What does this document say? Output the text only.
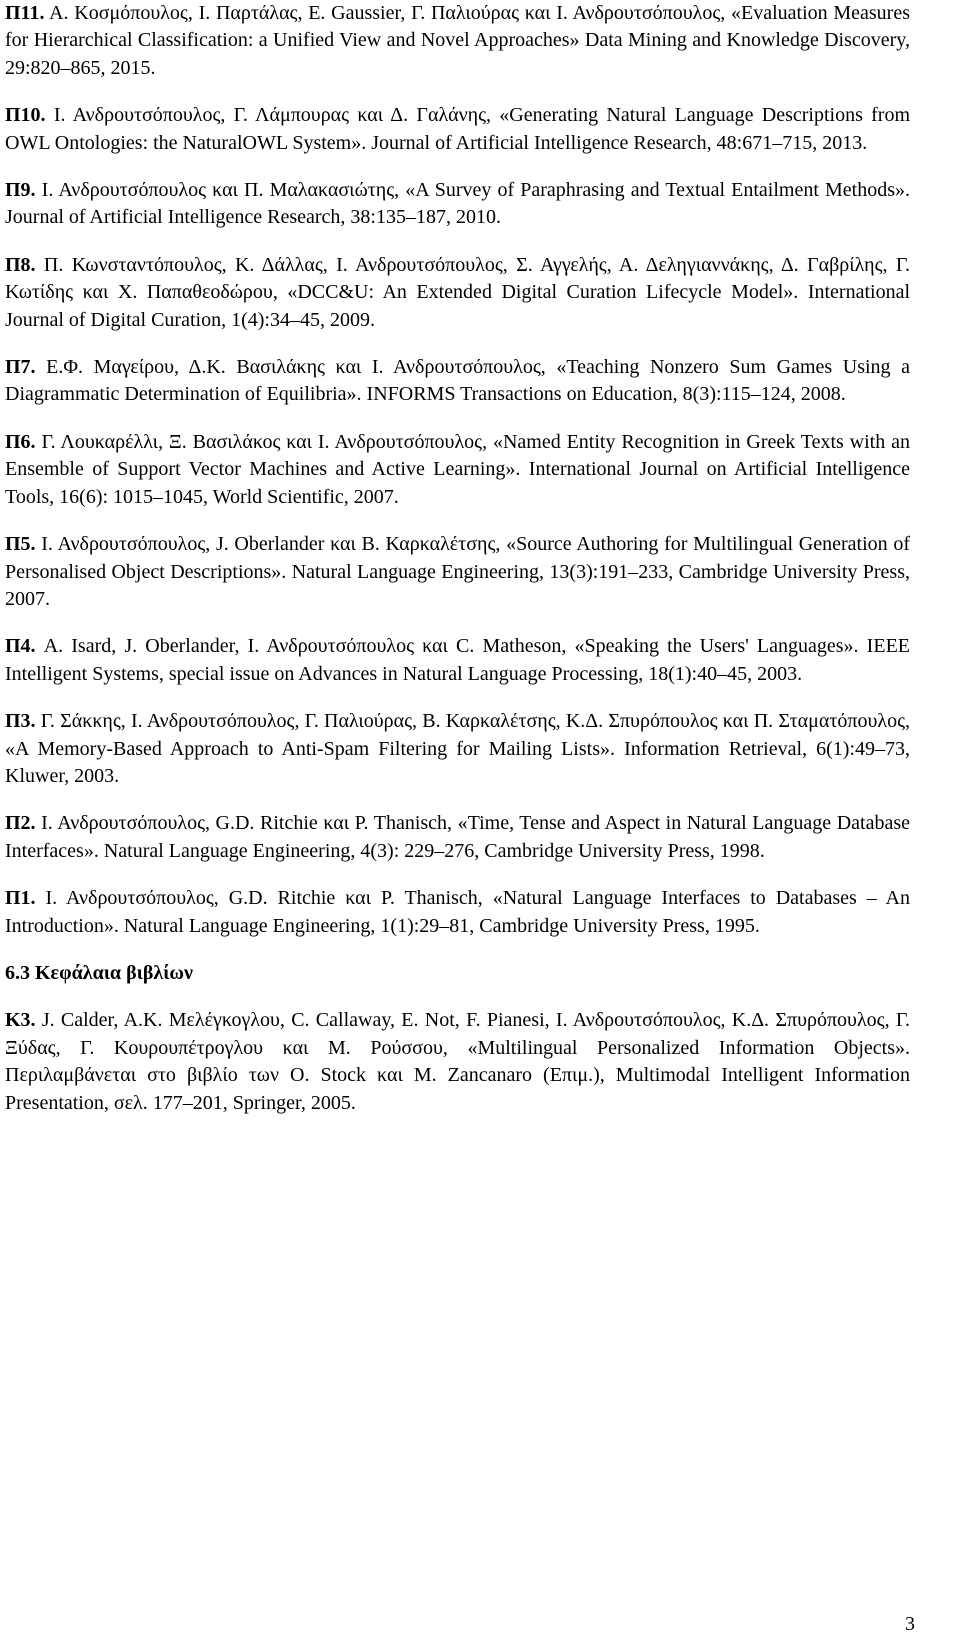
Π11. Α. Κοσμόπουλος, Ι. Παρτάλας, Ε. Gaussier, Γ. Παλιούρας και Ι. Ανδρουτσόπουλος, «Evaluation Measures for Hierarchical Classification: a Unified View and Novel Approaches» Data Mining and Knowledge Discovery, 29:820–865, 2015.

Π10. Ι. Ανδρουτσόπουλος, Γ. Λάμπουρας και Δ. Γαλάνης, «Generating Natural Language Descriptions from OWL Ontologies: the NaturalOWL System». Journal of Artificial Intelligence Research, 48:671–715, 2013.

Π9. Ι. Ανδρουτσόπουλος και Π. Μαλακασιώτης, «A Survey of Paraphrasing and Textual Entailment Methods». Journal of Artificial Intelligence Research, 38:135–187, 2010.

Π8. Π. Κωνσταντόπουλος, Κ. Δάλλας, Ι. Ανδρουτσόπουλος, Σ. Αγγελής, Α. Δεληγιαννάκης, Δ. Γαβρίλης, Γ. Κωτίδης και Χ. Παπαθεοδώρου, «DCC&U: An Extended Digital Curation Lifecycle Model». International Journal of Digital Curation, 1(4):34–45, 2009.

Π7. Ε.Φ. Μαγείρου, Δ.Κ. Βασιλάκης και Ι. Ανδρουτσόπουλος, «Teaching Nonzero Sum Games Using a Diagrammatic Determination of Equilibria». INFORMS Transactions on Education, 8(3):115–124, 2008.

Π6. Γ. Λουκαρέλλι, Ξ. Βασιλάκος και Ι. Ανδρουτσόπουλος, «Named Entity Recognition in Greek Texts with an Ensemble of Support Vector Machines and Active Learning». International Journal on Artificial Intelligence Tools, 16(6): 1015–1045, World Scientific, 2007.

Π5. Ι. Ανδρουτσόπουλος, J. Oberlander και Β. Καρκαλέτσης, «Source Authoring for Multilingual Generation of Personalised Object Descriptions». Natural Language Engineering, 13(3):191–233, Cambridge University Press, 2007.

Π4. A. Isard, J. Oberlander, Ι. Ανδρουτσόπουλος και C. Matheson, «Speaking the Users' Languages». IEEE Intelligent Systems, special issue on Advances in Natural Language Processing, 18(1):40–45, 2003.

Π3. Γ. Σάκκης, Ι. Ανδρουτσόπουλος, Γ. Παλιούρας, Β. Καρκαλέτσης, Κ.Δ. Σπυρόπουλος και Π. Σταματόπουλος, «A Memory-Based Approach to Anti-Spam Filtering for Mailing Lists». Information Retrieval, 6(1):49–73, Kluwer, 2003.

Π2. Ι. Ανδρουτσόπουλος, G.D. Ritchie και P. Thanisch, «Time, Tense and Aspect in Natural Language Database Interfaces». Natural Language Engineering, 4(3): 229–276, Cambridge University Press, 1998.

Π1. Ι. Ανδρουτσόπουλος, G.D. Ritchie και P. Thanisch, «Natural Language Interfaces to Databases – An Introduction». Natural Language Engineering, 1(1):29–81, Cambridge University Press, 1995.

6.3 Κεφάλαια βιβλίων

Κ3. J. Calder, A.K. Μελέγκογλου, C. Callaway, E. Not, F. Pianesi, Ι. Ανδρουτσόπουλος, Κ.Δ. Σπυρόπουλος, Γ. Ξύδας, Γ. Κουρουπέτρογλου και Μ. Ρούσσου, «Multilingual Personalized Information Objects». Περιλαμβάνεται στο βιβλίο των O. Stock και M. Zancanaro (Επιμ.), Multimodal Intelligent Information Presentation, σελ. 177–201, Springer, 2005.

3
